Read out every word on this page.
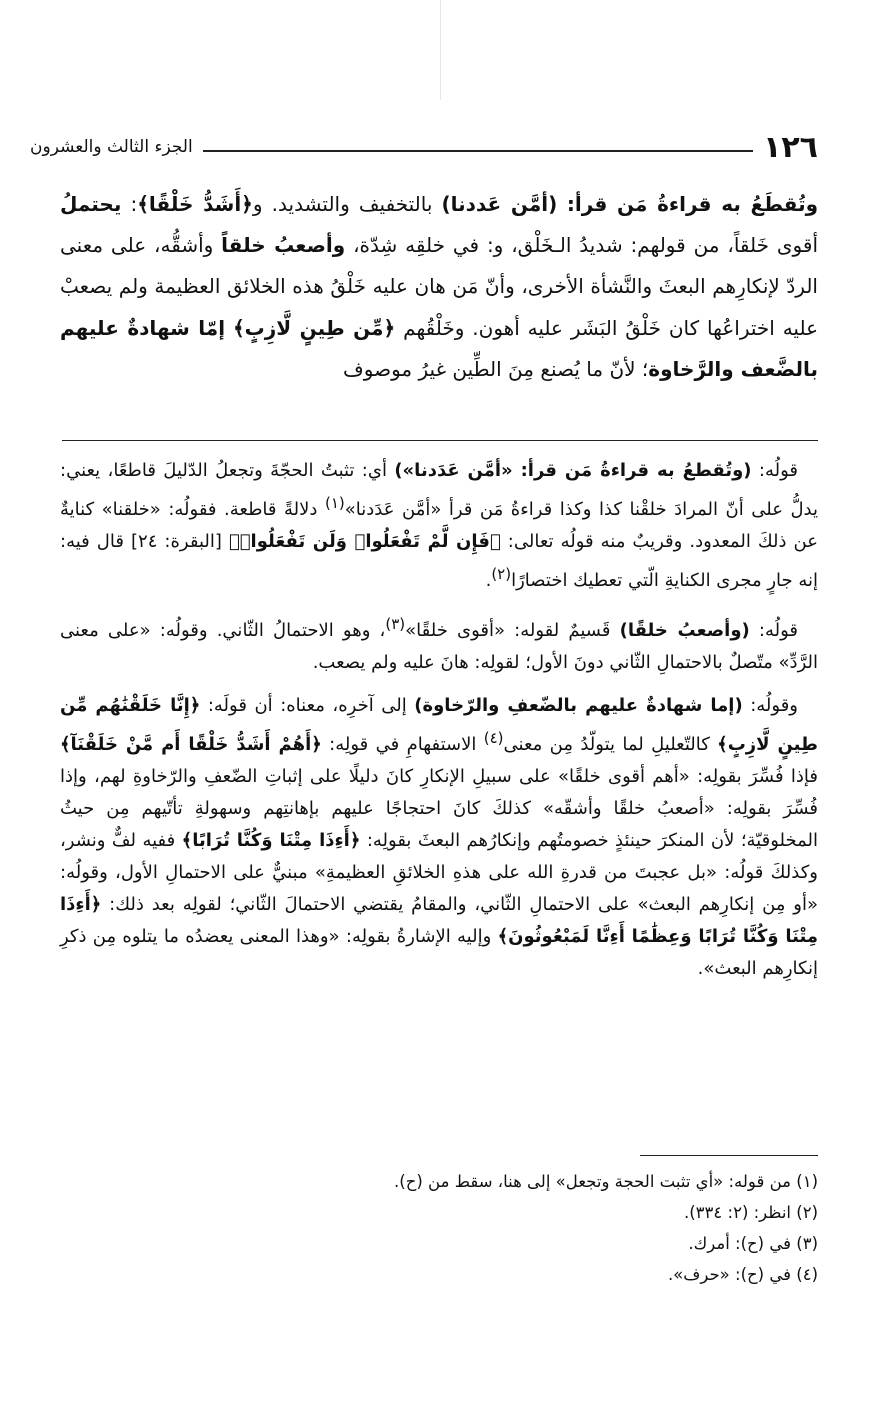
١٢٦
الجزء الثالث والعشرون

وتُقطَعُ به قراءةُ مَن قرأ: (أمَّن عَددنا) بالتخفيف والتشديد. و﴿أَشَدُّ خَلْقًا﴾: يحتملُ أقوى خَلقاً، من قولهم: شديدُ الـخَلْق، و: في خلقِه شِدّة، وأصعبُ خلقاً وأشقُّه، على معنى الردّ لإنكارِهم البعثَ والنَّشأة الأخرى، وأنّ مَن هان عليه خَلْقُ هذه الخلائق العظيمة ولم يصعبْ عليه اختراعُها كان خَلْقُ البَشَر عليه أهون. وخَلْقُهم ﴿مِّن طِينٍ لَّازِبٍ﴾ إمّا شهادةٌ عليهم بالضَّعف والرَّخاوة؛ لأنّ ما يُصنع مِنَ الطِّين غيرُ موصوف

قولُه: (وتُقطعُ به قراءةُ مَن قرأ: «أمَّن عَدَدنا») أي: تثبتُ الحجّةَ وتجعلُ الدّليلَ قاطعًا، يعني: يدلُّ على أنّ المرادَ خلقْنا كذا وكذا قراءةُ مَن قرأ «أمَّن عَدَدنا»$^{(١)}$ دلالةً قاطعة. فقولُه: «خلقنا» كنايةٌ عن ذلكَ المعدود. وقريبٌ منه قولُه تعالى: ﴿فَإِن لَّمْ تَفْعَلُوا۟ وَلَن تَفْعَلُوا۟﴾ [البقرة: ٢٤] قال فيه: إنه جارٍ مجرى الكنايةِ الّتي تعطيك اختصارًا$^{(٢)}$.

قولُه: (وأصعبُ خلقًا) قَسيمٌ لقوله: «أقوى خلقًا»$^{(٣)}$، وهو الاحتمالُ الثّاني. وقولُه: «على معنى الرَّدِّ» متّصلٌ بالاحتمالِ الثّاني دونَ الأول؛ لقولِه: هانَ عليه ولم يصعب.

وقولُه: (إما شهادةٌ عليهم بالضّعفِ والرّخاوة) إلى آخرِه، معناه: أن قولَه: ﴿إِنَّا خَلَقْنَٰهُم مِّن طِينٍ لَّازِبٍ﴾ كالتّعليلِ لما يتولّدُ مِن معنى$^{(٤)}$ الاستفهامِ في قولِه: ﴿أَهُمْ أَشَدُّ خَلْقًا أَم مَّنْ خَلَقْنَآ﴾ فإذا فُسِّرَ بقولِه: «أهم أقوى خلقًا» على سبيلِ الإنكارِ كانَ دليلًا على إثباتِ الضّعفِ والرّخاوةِ لهم، وإذا فُسِّرَ بقولِه: «أصعبُ خلقًا وأشقّه» كذلكَ كانَ احتجاجًا عليهم بإهانتِهم وسهولةِ تأتّيهم مِن حيثُ المخلوقيّة؛ لأن المنكرَ حينئذٍ خصومتُهم وإنكارُهم البعثَ بقولِه: ﴿أَءِذَا مِتْنَا وَكُنَّا تُرَابًا﴾ ففيه لفٌّ ونشر، وكذلكَ قولُه: «بل عجبتَ من قدرةِ الله على هذهِ الخلائقِ العظيمةِ» مبنيٌّ على الاحتمالِ الأول، وقولُه: «أو مِن إنكارِهم البعث» على الاحتمالِ الثّاني، والمقامُ يقتضي الاحتمالَ الثّاني؛ لقولِه بعد ذلك: ﴿أَءِذَا مِتْنَا وَكُنَّا تُرَابًا وَعِظَٰمًا أَءِنَّا لَمَبْعُوثُونَ﴾ وإليه الإشارةُ بقولِه: «وهذا المعنى يعضدُه ما يتلوه مِن ذكرِ إنكارِهم البعث».

(١) من قوله: «أي تثبت الحجة وتجعل» إلى هنا، سقط من (ح).
(٢) انظر: (٢: ٣٣٤).
(٣) في (ح): أمرك.
(٤) في (ح): «حرف».
